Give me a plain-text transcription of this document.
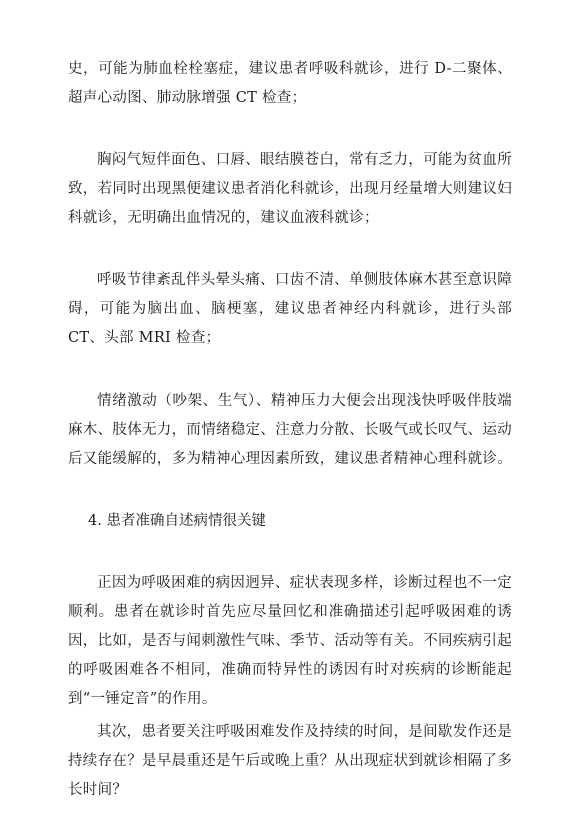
史，可能为肺血栓栓塞症，建议患者呼吸科就诊，进行 D-二聚体、超声心动图、肺动脉增强 CT 检查；

胸闷气短伴面色、口唇、眼结膜苍白，常有乏力，可能为贫血所致，若同时出现黑便建议患者消化科就诊，出现月经量增大则建议妇科就诊，无明确出血情况的，建议血液科就诊；

呼吸节律紊乱伴头晕头痛、口齿不清、单侧肢体麻木甚至意识障碍，可能为脑出血、脑梗塞，建议患者神经内科就诊，进行头部 CT、头部 MRI 检查；

情绪激动（吵架、生气）、精神压力大便会出现浅快呼吸伴肢端麻木、肢体无力，而情绪稳定、注意力分散、长吸气或长叹气、运动后又能缓解的，多为精神心理因素所致，建议患者精神心理科就诊。

4. 患者准确自述病情很关键

正因为呼吸困难的病因迥异、症状表现多样，诊断过程也不一定顺利。患者在就诊时首先应尽量回忆和准确描述引起呼吸困难的诱因，比如，是否与闻刺激性气味、季节、活动等有关。不同疾病引起的呼吸困难各不相同，准确而特异性的诱因有时对疾病的诊断能起到“一锤定音”的作用。

其次，患者要关注呼吸困难发作及持续的时间，是间歇发作还是持续存在？是早晨重还是午后或晚上重？从出现症状到就诊相隔了多长时间？
